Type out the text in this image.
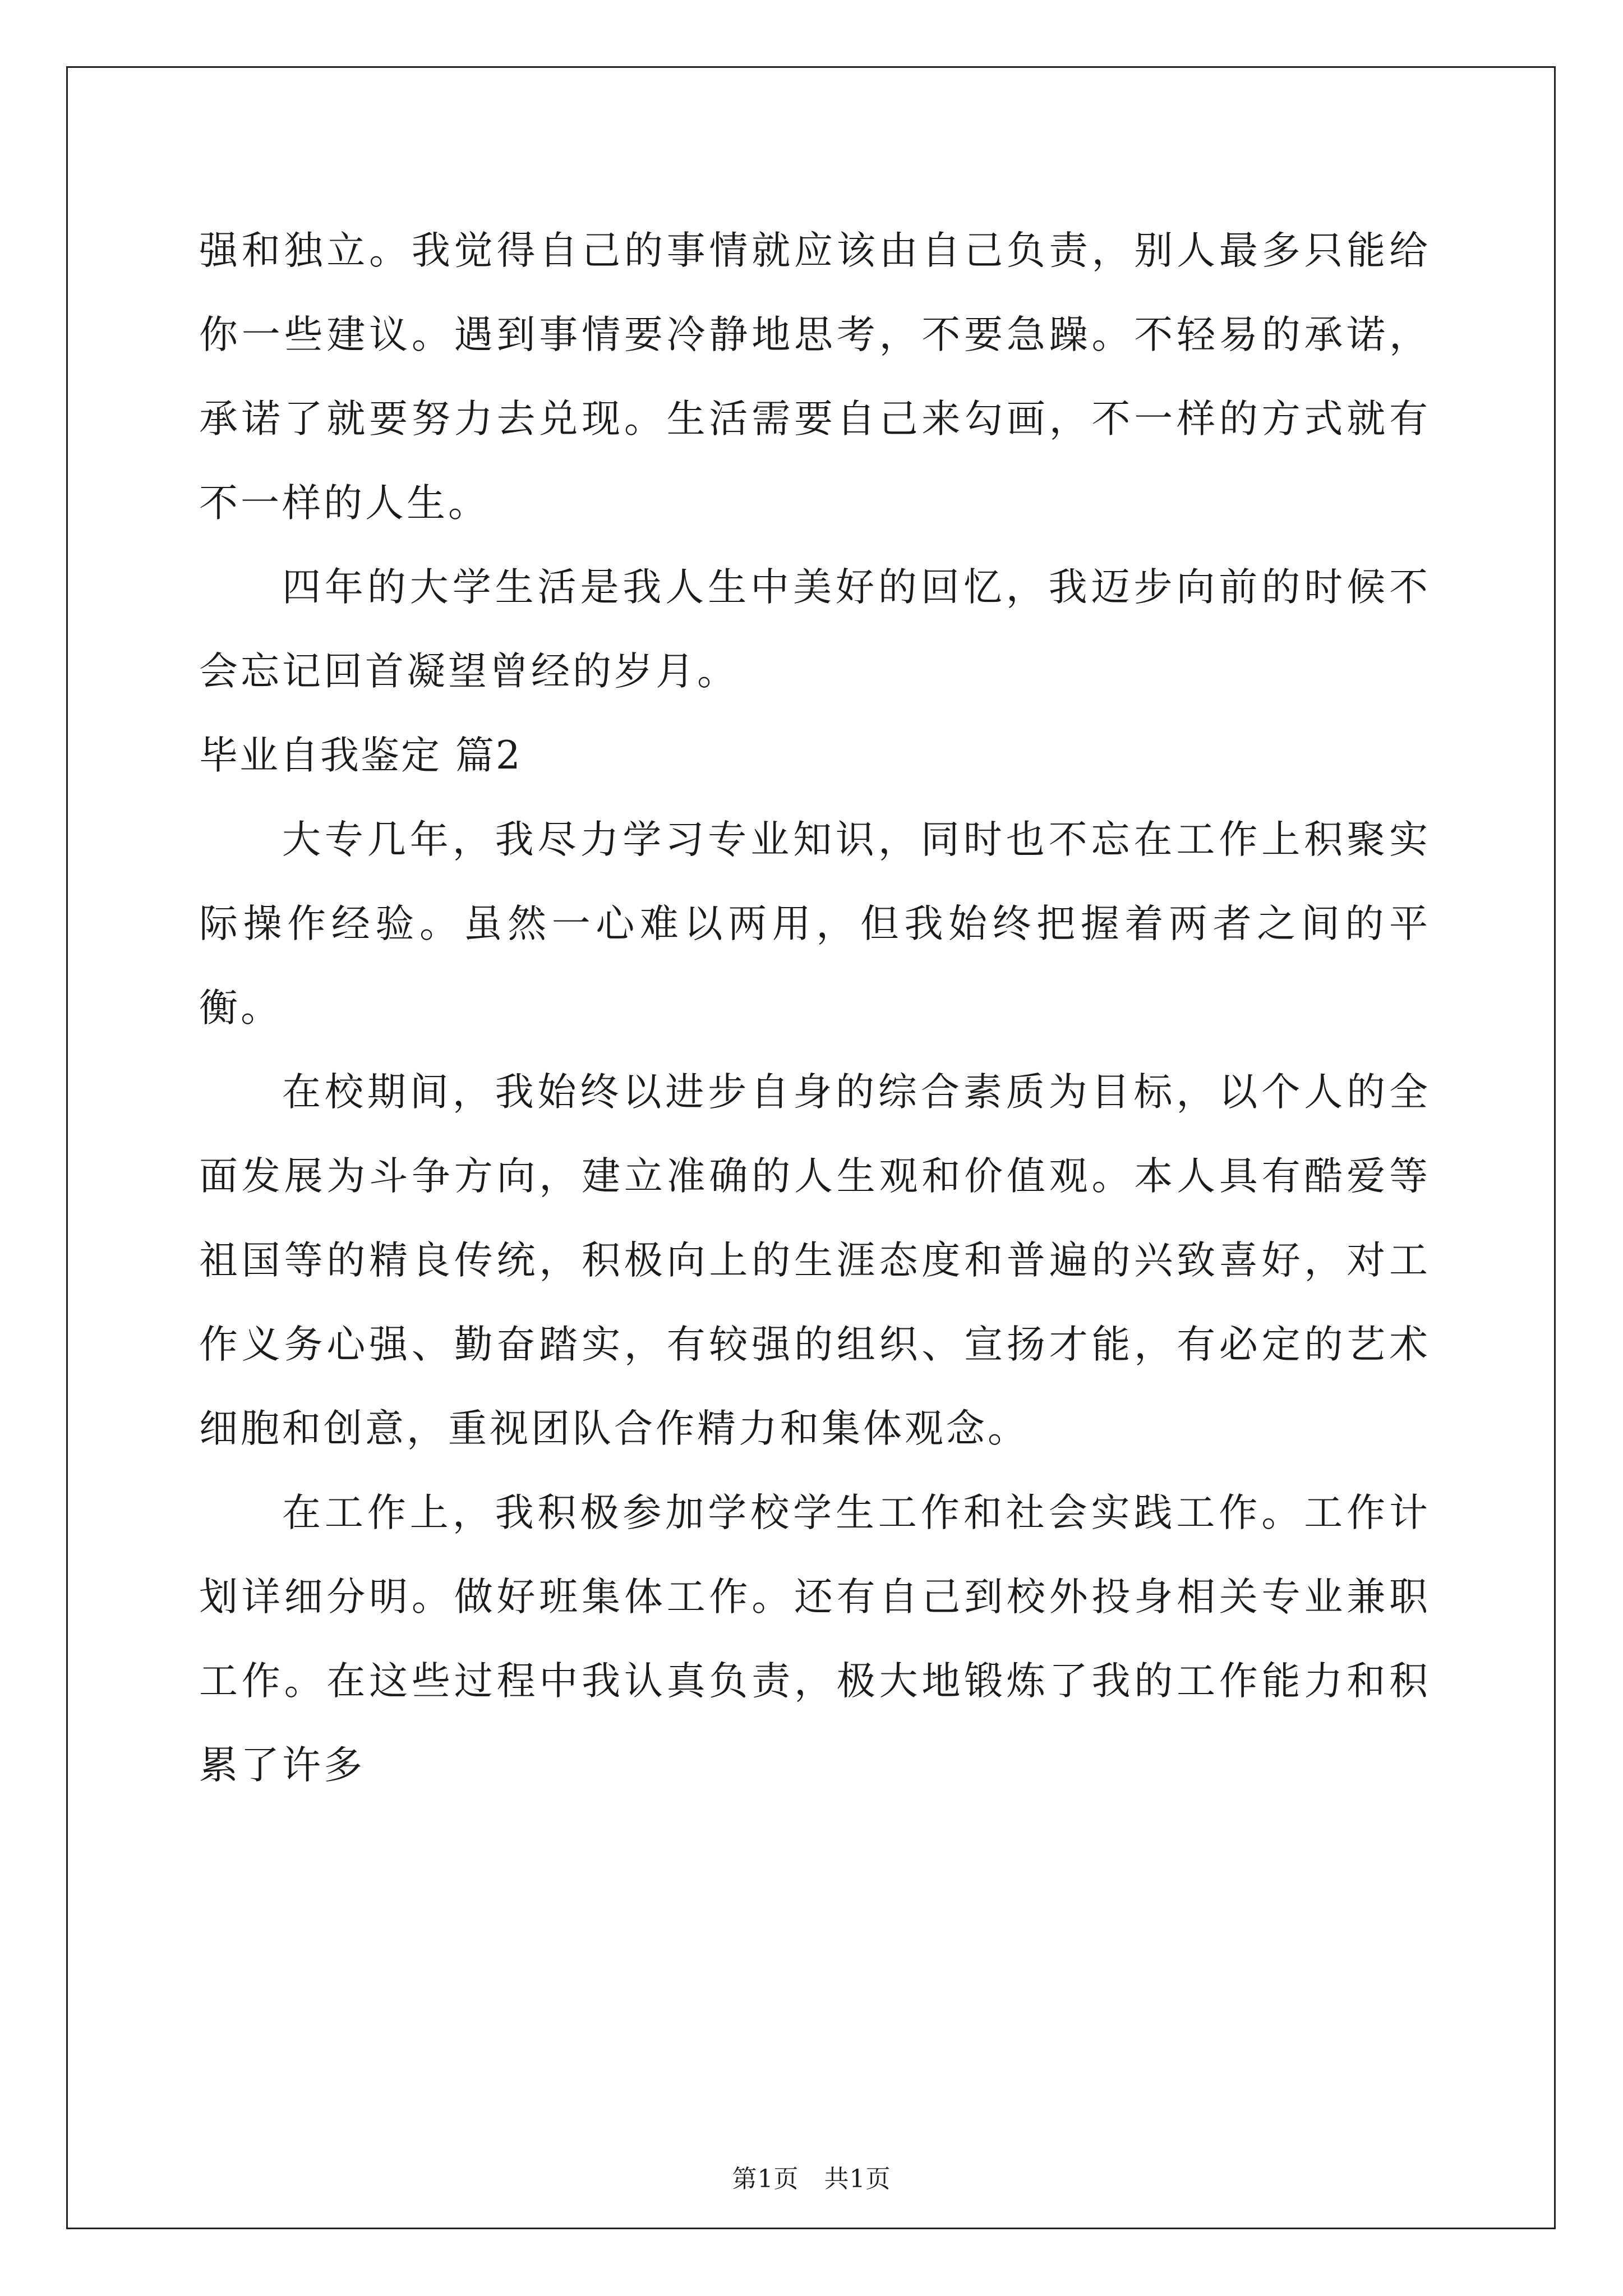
强和独立。我觉得自己的事情就应该由自己负责，别人最多只能给你一些建议。遇到事情要冷静地思考，不要急躁。不轻易的承诺，承诺了就要努力去兑现。生活需要自己来勾画，不一样的方式就有不一样的人生。

四年的大学生活是我人生中美好的回忆，我迈步向前的时候不会忘记回首凝望曾经的岁月。

毕业自我鉴定 篇2

大专几年，我尽力学习专业知识，同时也不忘在工作上积聚实际操作经验。虽然一心难以两用，但我始终把握着两者之间的平衡。

在校期间，我始终以进步自身的综合素质为目标，以个人的全面发展为斗争方向，建立准确的人生观和价值观。本人具有酷爱等祖国等的精良传统，积极向上的生涯态度和普遍的兴致喜好，对工作义务心强、勤奋踏实，有较强的组织、宣扬才能，有必定的艺术细胞和创意，重视团队合作精力和集体观念。

在工作上，我积极参加学校学生工作和社会实践工作。工作计划详细分明。做好班集体工作。还有自己到校外投身相关专业兼职工作。在这些过程中我认真负责，极大地锻炼了我的工作能力和积累了许多

第1页 共1页
